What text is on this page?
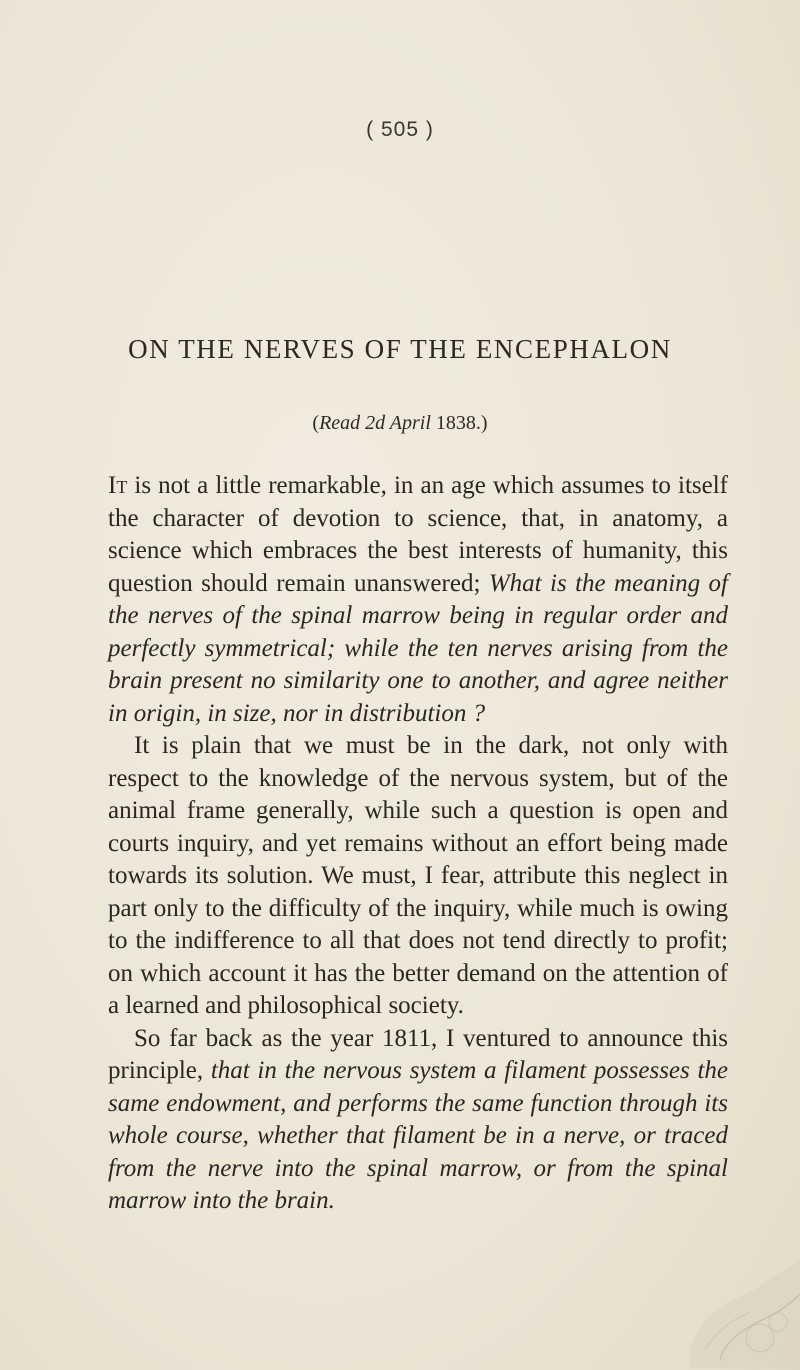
( 505 )
ON THE NERVES OF THE ENCEPHALON
(Read 2d April 1838.)

It is not a little remarkable, in an age which assumes to itself the character of devotion to science, that, in anatomy, a science which embraces the best interests of humanity, this question should remain unanswered; What is the meaning of the nerves of the spinal marrow being in regular order and perfectly symmetrical; while the ten nerves arising from the brain present no similarity one to another, and agree neither in origin, in size, nor in distribution ?

It is plain that we must be in the dark, not only with respect to the knowledge of the nervous system, but of the animal frame generally, while such a question is open and courts inquiry, and yet remains without an effort being made towards its solution. We must, I fear, attribute this neglect in part only to the difficulty of the inquiry, while much is owing to the indifference to all that does not tend directly to profit; on which account it has the better demand on the attention of a learned and philosophical society.

So far back as the year 1811, I ventured to announce this principle, that in the nervous system a filament possesses the same endowment, and performs the same function through its whole course, whether that filament be in a nerve, or traced from the nerve into the spinal marrow, or from the spinal marrow into the brain.
